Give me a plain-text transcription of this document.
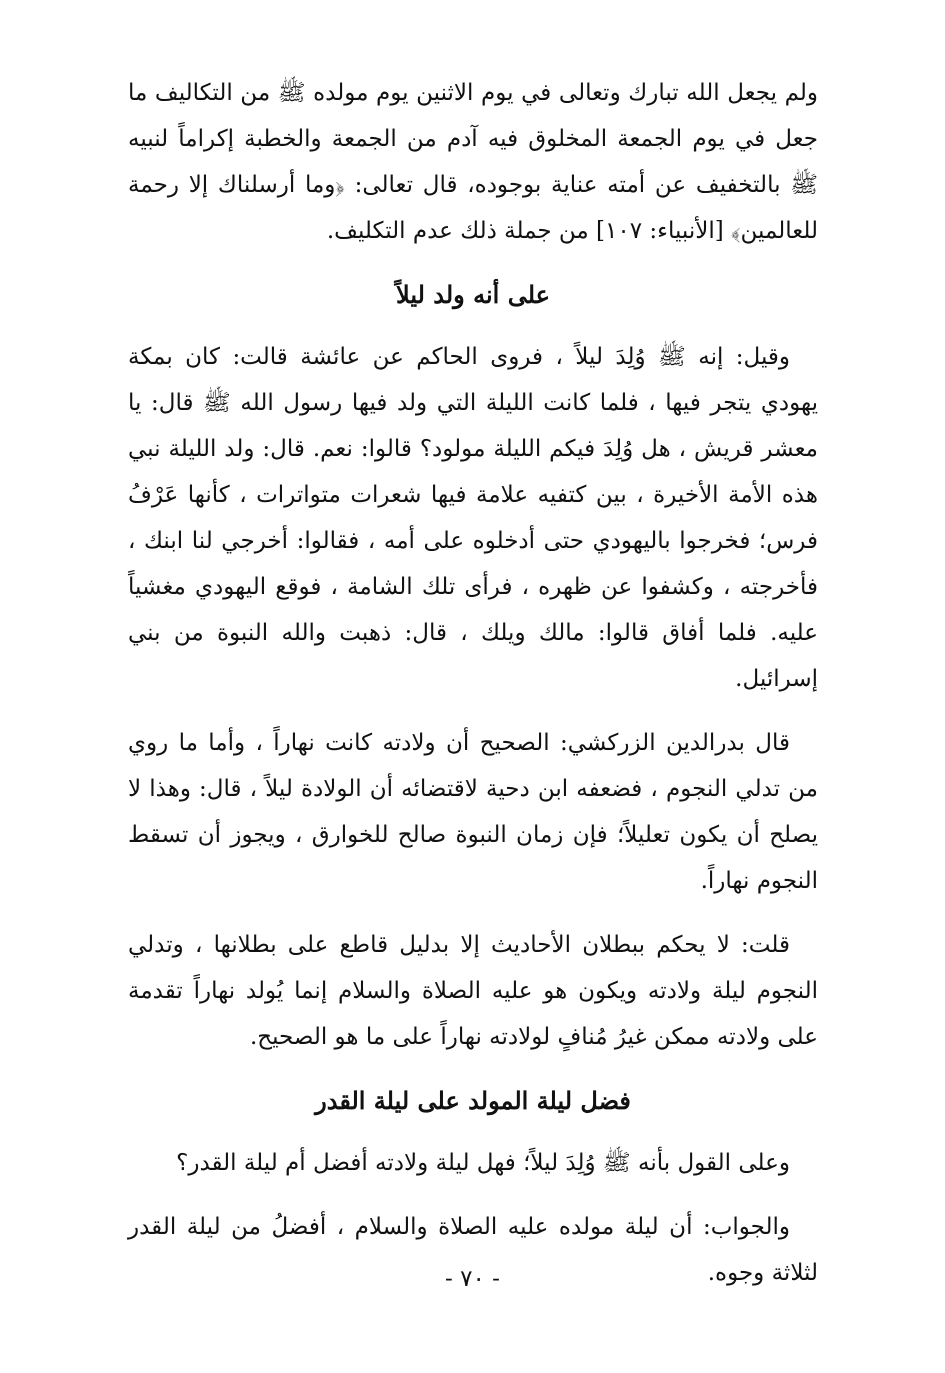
ولم يجعل الله تبارك وتعالى في يوم الاثنين يوم مولده ﷺ من التكاليف ما جعل في يوم الجمعة المخلوق فيه آدم من الجمعة والخطبة إكراماً لنبيه ﷺ بالتخفيف عن أمته عناية بوجوده، قال تعالى: ﴿وما أرسلناك إلا رحمة للعالمين﴾ [الأنبياء: ١٠٧] من جملة ذلك عدم التكليف.

على أنه ولد ليلاً

وقيل: إنه ﷺ وُلِدَ ليلاً ، فروى الحاكم عن عائشة قالت: كان بمكة يهودي يتجر فيها ، فلما كانت الليلة التي ولد فيها رسول الله ﷺ قال: يا معشر قريش ، هل وُلِدَ فيكم الليلة مولود؟ قالوا: نعم. قال: ولد الليلة نبي هذه الأمة الأخيرة ، بين كتفيه علامة فيها شعرات متواترات ، كأنها عَرْفُ فرس؛ فخرجوا باليهودي حتى أدخلوه على أمه ، فقالوا: أخرجي لنا ابنك ، فأخرجته ، وكشفوا عن ظهره ، فرأى تلك الشامة ، فوقع اليهودي مغشياً عليه. فلما أفاق قالوا: مالك ويلك ، قال: ذهبت والله النبوة من بني إسرائيل.

قال بدرالدين الزركشي: الصحيح أن ولادته كانت نهاراً ، وأما ما روي من تدلي النجوم ، فضعفه ابن دحية لاقتضائه أن الولادة ليلاً ، قال: وهذا لا يصلح أن يكون تعليلاً؛ فإن زمان النبوة صالح للخوارق ، ويجوز أن تسقط النجوم نهاراً.

قلت: لا يحكم ببطلان الأحاديث إلا بدليل قاطع على بطلانها ، وتدلي النجوم ليلة ولادته ويكون هو عليه الصلاة والسلام إنما يُولد نهاراً تقدمة على ولادته ممكن غيرُ مُنافٍ لولادته نهاراً على ما هو الصحيح.

فضل ليلة المولد على ليلة القدر

وعلى القول بأنه ﷺ وُلِدَ ليلاً؛ فهل ليلة ولادته أفضل أم ليلة القدر؟

والجواب: أن ليلة مولده عليه الصلاة والسلام ، أفضلُ من ليلة القدر لثلاثة وجوه.

- ٧٠ -
